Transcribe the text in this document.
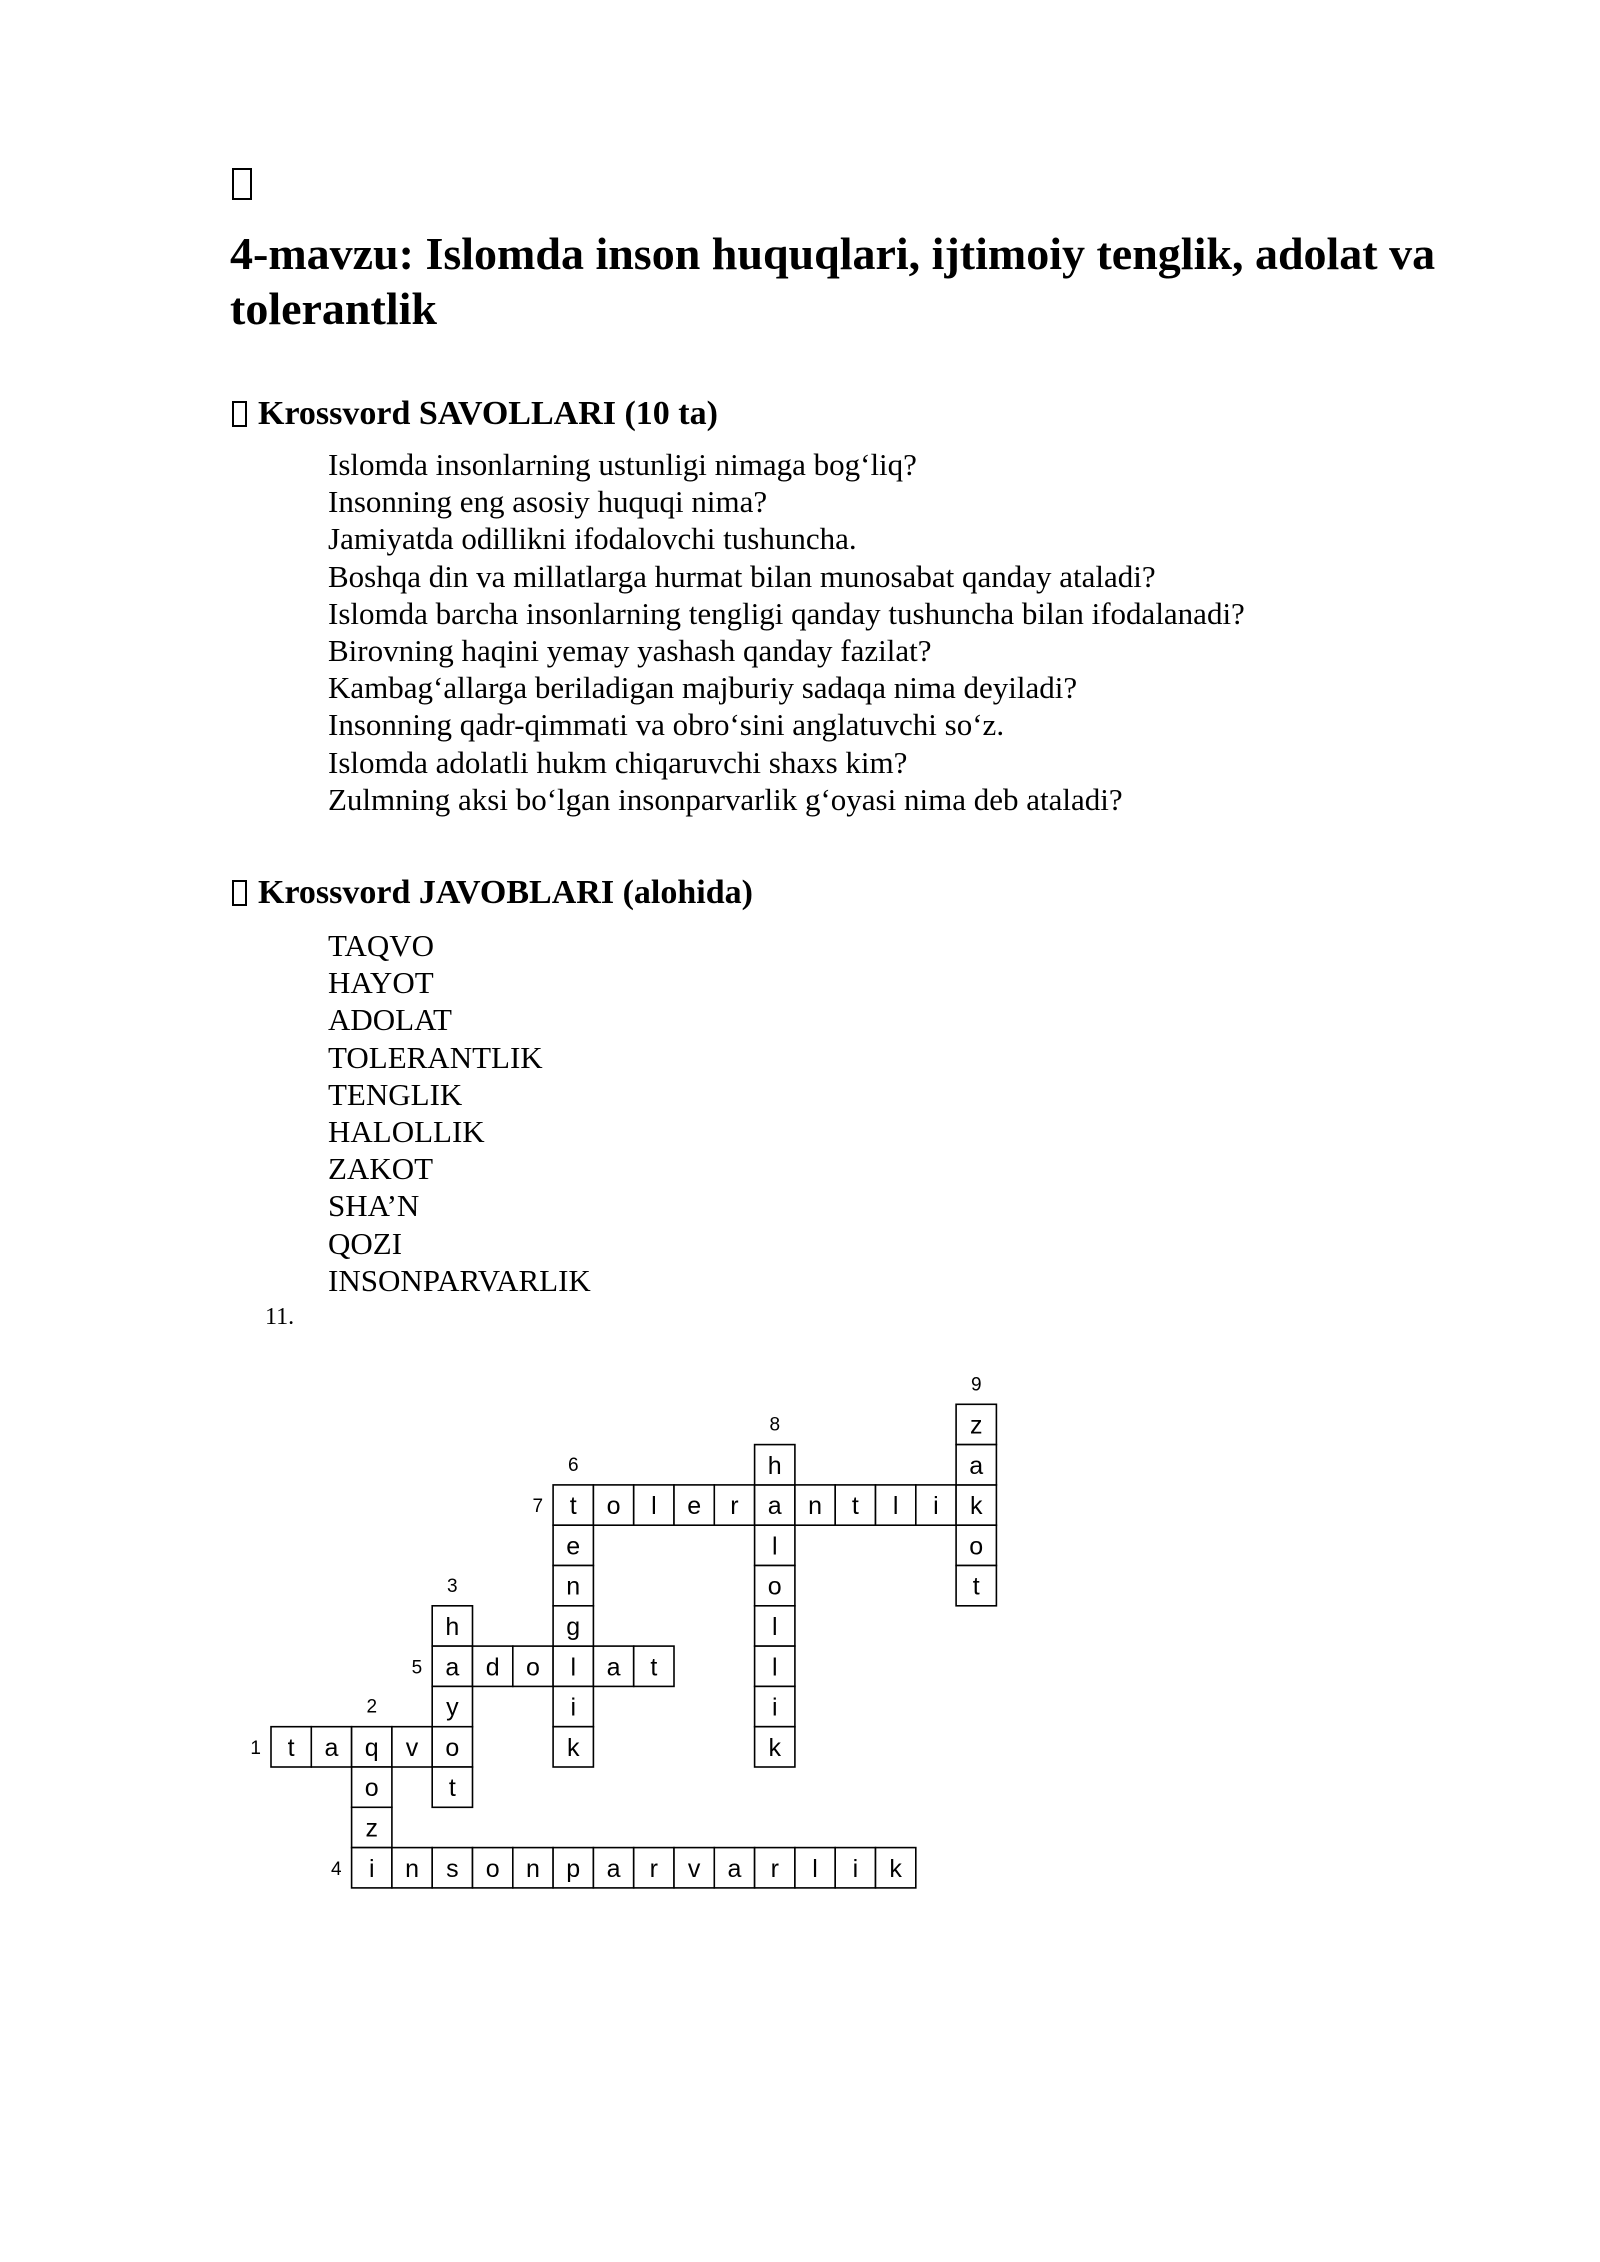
4-mavzu: Islomda inson huquqlari, ijtimoiy tenglik, adolat va tolerantlik
Krossvord SAVOLLARI (10 ta)
Islomda insonlarning ustunligi nimaga bog‘liq?
Insonning eng asosiy huquqi nima?
Jamiyatda odillikni ifodalovchi tushuncha.
Boshqa din va millatlarga hurmat bilan munosabat qanday ataladi?
Islomda barcha insonlarning tengligi qanday tushuncha bilan ifodalanadi?
Birovning haqini yemay yashash qanday fazilat?
Kambag‘allarga beriladigan majburiy sadaqa nima deyiladi?
Insonning qadr-qimmati va obro‘sini anglatuvchi so‘z.
Islomda adolatli hukm chiqaruvchi shaxs kim?
Zulmning aksi bo‘lgan insonparvarlik g‘oyasi nima deb ataladi?
Krossvord JAVOBLARI (alohida)
TAQVO
HAYOT
ADOLAT
TOLERANTLIK
TENGLIK
HALOLLIK
ZAKOT
SHA’N
QOZI
INSONPARVARLIK
11.
t a q v o
o
z
i
h
a
y
t
n s o n p a r v a r l i k
d o l a t
t
e
n
g
i
k
o l e r a n t l i k
h
l
o
l
l
i
k
z
a
o
t
1
2
3
4
5
6
7
8
9
